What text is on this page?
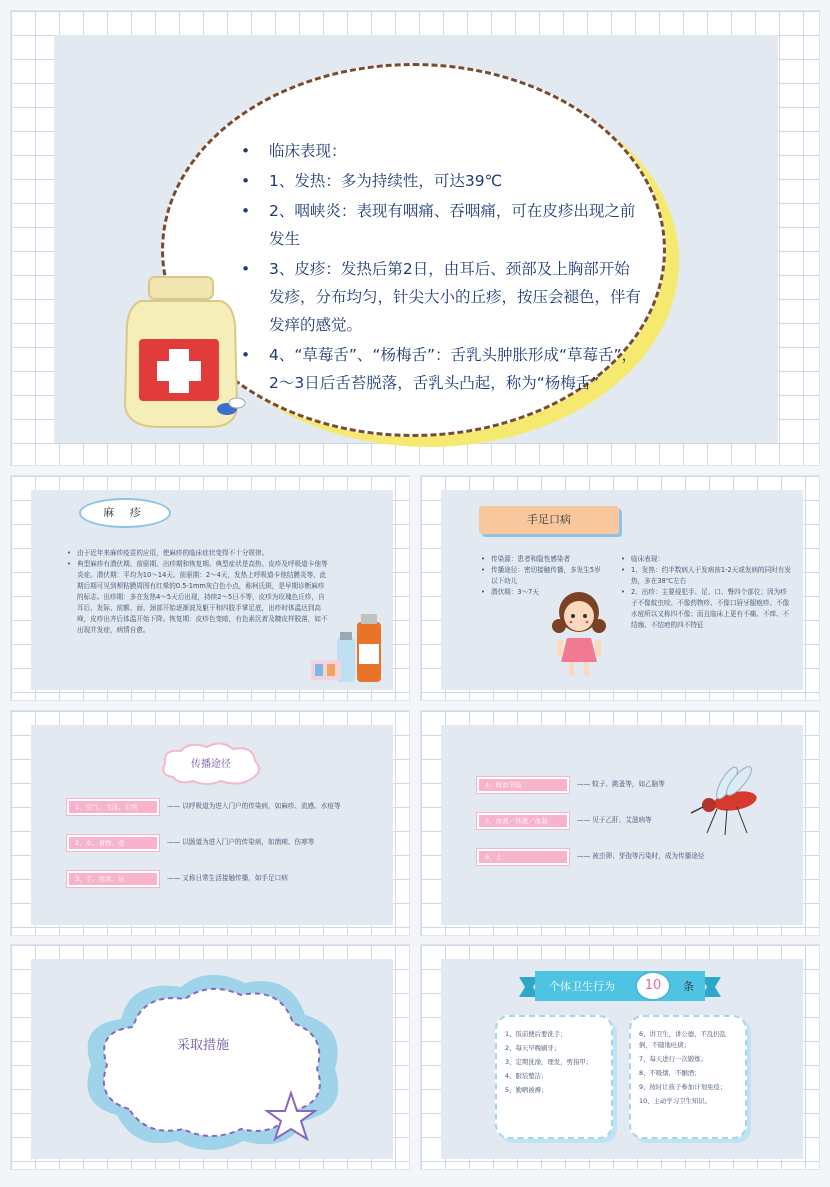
• 临床表现：
• 1、发热：多为持续性，可达39℃
• 2、咽峡炎：表现有咽痛、吞咽痛，可在皮疹出现之前发生
• 3、皮疹：发热后第2日，由耳后、颈部及上胸部开始发疹，分布均匀，针尖大小的丘疹，按压会褪色，伴有发痒的感觉。
• 4、“草莓舌”、“杨梅舌”：舌乳头肿胀形成“草莓舌”，2～3日后舌苔脱落，舌乳头凸起，称为“杨梅舌”
麻 疹
• 由于近年来麻疹疫苗的应用，使麻疹的临床症状变得不十分规律。
• 典型麻疹有潜伏期、前驱期、出疹期和恢复期。典型症状是高热、皮疹及呼吸道卡他等炎症。潜伏期：平均为10～14天。前驱期：2～4天，发热上呼吸道卡他结膜炎等，此期后期可见到颊粘膜周围有红晕的0.5-1mm灰白色小点，称柯氏斑，是早期诊断麻疹的标志。出疹期：多在发热4～5天后出现，持续2～5日不等，皮疹为玫瑰色丘疹，自耳后、发际、前额、面、颈部开始逐渐波及躯干和四肢手掌足底，出疹时体温达到高峰，皮疹出齐后体温开始下降。恢复期：皮疹色变暗，有色素沉着及糠皮样脱落，如不出现并发症，病情自愈。
手足口病
• 传染源：患者和隐性感染者
• 传播途径：密切接触传播，多发生5岁以下幼儿
• 潜伏期：3～7天
• 临床表现：
• 1、发热：约半数病人于发病前1-2天或发病的同时有发热，多在38℃左右
• 2、出疹：主要侵犯手、足、口、臀四个部位；因为疹子不像蚊虫咬、不像药物疹、不像口唇牙龈疱疹、不像水痘所以又称四不像；而且临床上更有不痛、不痒、不结痂、不结疤的四不特征
传播途径
1、空气、飞沫、尘埃	—— 以呼吸道为进入门户的传染病，如麻疹、流感、水痘等
2、水、食物、苍	—— 以肠道为进入门户的传染病，如菌痢、伤寒等
3、手、用具、玩	—— 又称日常生活接触传播，如手足口病
4、吸血节肢	—— 蚊子、跳蚤等，如乙脑等
5、血液／体液／血制	—— 见于乙肝、艾滋病等
6、土	—— 被虫卵、芽孢等污染时，成为传播途径
采取措施
个体卫生行为	10	条
1、饭前便后要洗手；
2、每天早晚刷牙；
3、定期洗澡，理发，剪指甲；
4、服装整洁；
5、勤晒被褥；
6、讲卫生，讲公德，不乱扔乱倒，不随地吐痰；
7、每天进行一次锻炼；
8、不吸烟，不酗酒；
9、按时让孩子参加计划免疫；
10、主动学习卫生知识。
